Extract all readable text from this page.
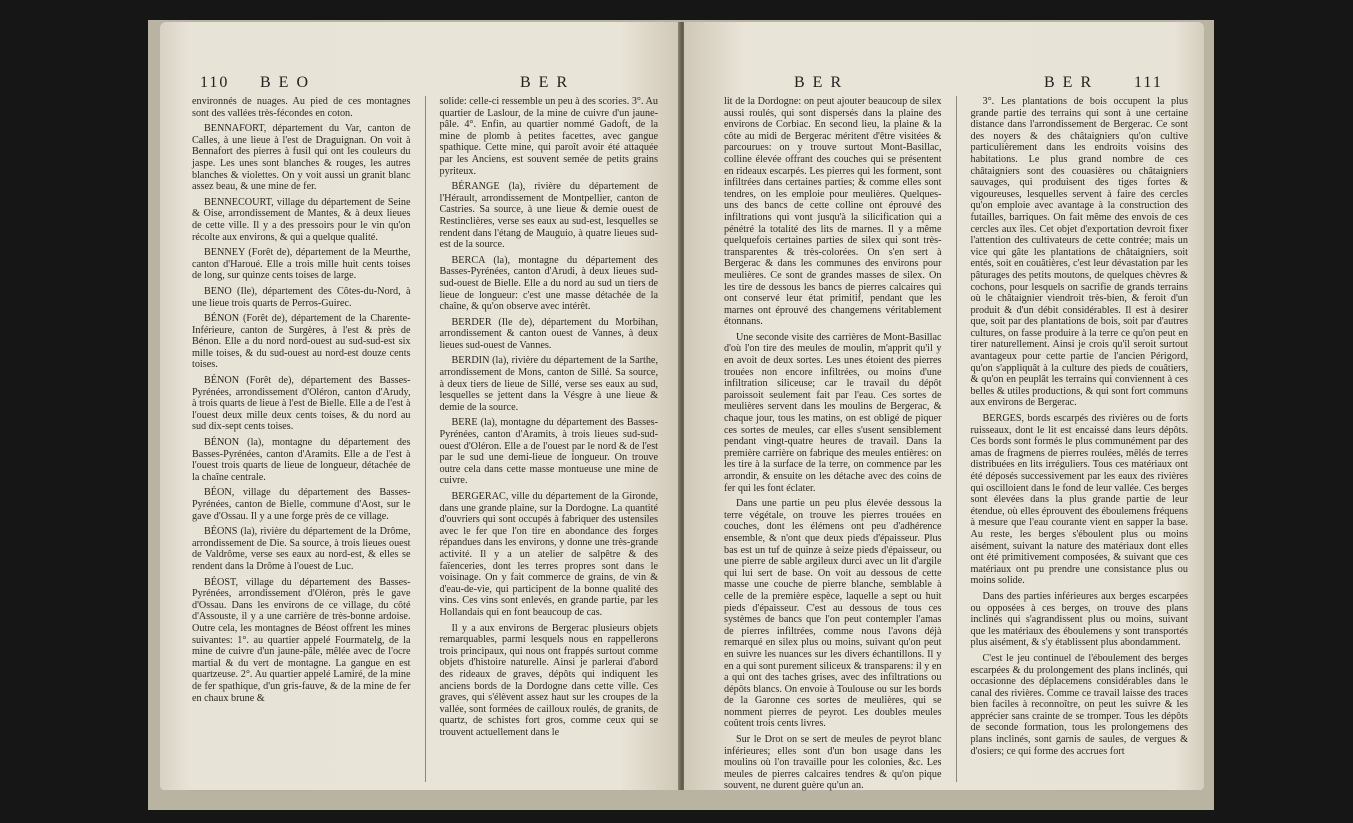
110 B E O	B E R

environnés de nuages. Au pied de ces montagnes sont des vallées très-fécondes en coton.

BENNAFORT, département du Var, canton de Calles, à une lieue à l'est de Draguignan. On voit à Bennafort des pierres à fusil qui ont les couleurs du jaspe. Les unes sont blanches & rouges, les autres blanches & violettes. On y voit aussi un granit blanc assez beau, & une mine de fer.

BENNECOURT, village du département de Seine & Oise, arrondissement de Mantes, & à deux lieues de cette ville. Il y a des pressoirs pour le vin qu'on récolte aux environs, & qui a quelque qualité.

BENNEY (Forêt de), département de la Meurthe, canton d'Haroué. Elle a trois mille huit cents toises de long, sur quinze cents toises de large.

BENO (Ile), département des Côtes-du-Nord, à une lieue trois quarts de Perros-Guirec.

BÉNON (Forêt de), département de la Charente-Inférieure, canton de Surgères, à l'est & près de Bénon. Elle a du nord nord-ouest au sud-sud-est six mille toises, & du sud-ouest au nord-est douze cents toises.

BÉNON (Forêt de), département des Basses-Pyrénées, arrondissement d'Oléron, canton d'Arudy, à trois quarts de lieue à l'est de Bielle. Elle a de l'est à l'ouest deux mille deux cents toises, & du nord au sud dix-sept cents toises.

BÉNON (la), montagne du département des Basses-Pyrénées, canton d'Aramits. Elle a de l'est à l'ouest trois quarts de lieue de longueur, détachée de la chaîne centrale.

BÉON, village du département des Basses-Pyrénées, canton de Bielle, commune d'Aost, sur le gave d'Ossau. Il y a une forge près de ce village.

BÉONS (la), rivière du département de la Drôme, arrondissement de Die. Sa source, à trois lieues ouest de Valdrôme, verse ses eaux au nord-est, & elles se rendent dans la Drôme à l'ouest de Luc.

BÉOST, village du département des Basses-Pyrénées, arrondissement d'Oléron, près le gave d'Ossau. Dans les environs de ce village, du côté d'Assouste, il y a une carrière de très-bonne ardoise. Outre cela, les montagnes de Béost offrent les mines suivantes: 1°. au quartier appelé Fourmatelg, de la mine de cuivre d'un jaune-pâle, mêlée avec de l'ocre martial & du vert de montagne. La gangue en est quartzeuse. 2°. Au quartier appelé Lamiré, de la mine de fer spathique, d'un gris-fauve, & de la mine de fer en chaux brune &

solide: celle-ci ressemble un peu à des scories. 3°. Au quartier de Laslour, de la mine de cuivre d'un jaune-pâle. 4°. Enfin, au quartier nommé Gadoft, de la mine de plomb à petites facettes, avec gangue spathique. Cette mine, qui paroît avoir été attaquée par les Anciens, est souvent semée de petits grains pyriteux.

BÉRANGE (la), rivière du département de l'Hérault, arrondissement de Montpellier, canton de Castries. Sa source, à une lieue & demie ouest de Restinclières, verse ses eaux au sud-est, lesquelles se rendent dans l'étang de Mauguio, à quatre lieues sud-est de la source.

BERCA (la), montagne du département des Basses-Pyrénées, canton d'Arudi, à deux lieues sud-sud-ouest de Bielle. Elle a du nord au sud un tiers de lieue de longueur: c'est une masse détachée de la chaîne, & qu'on observe avec intérêt.

BERDER (Ile de), département du Morbihan, arrondissement & canton ouest de Vannes, à deux lieues sud-ouest de Vannes.

BERDIN (la), rivière du département de la Sarthe, arrondissement de Mons, canton de Sillé. Sa source, à deux tiers de lieue de Sillé, verse ses eaux au sud, lesquelles se jettent dans la Vésgre à une lieue & demie de la source.

BERE (la), montagne du département des Basses-Pyrénées, canton d'Aramits, à trois lieues sud-sud-ouest d'Oléron. Elle a de l'ouest par le nord & de l'est par le sud une demi-lieue de longueur. On trouve outre cela dans cette masse montueuse une mine de cuivre.

BERGERAC, ville du département de la Gironde, dans une grande plaine, sur la Dordogne. La quantité d'ouvriers qui sont occupés à fabriquer des ustensiles avec le fer que l'on tire en abondance des forges répandues dans les environs, y donne une très-grande activité. Il y a un atelier de salpêtre & des faïenceries, dont les terres propres sont dans le voisinage. On y fait commerce de grains, de vin & d'eau-de-vie, qui participent de la bonne qualité des vins. Ces vins sont enlevés, en grande partie, par les Hollandais qui en font beaucoup de cas.

Il y a aux environs de Bergerac plusieurs objets remarquables, parmi lesquels nous en rappellerons trois principaux, qui nous ont frappés surtout comme objets d'histoire naturelle. Ainsi je parlerai d'abord des rideaux de graves, dépôts qui indiquent les anciens bords de la Dordogne dans cette ville. Ces graves, qui s'élèvent assez haut sur les croupes de la vallée, sont formées de cailloux roulés, de granits, de quartz, de schistes fort gros, comme ceux qui se trouvent actuellement dans le

B E R	B E R	111

lit de la Dordogne: on peut ajouter beaucoup de silex aussi roulés, qui sont dispersés dans la plaine des environs de Corbiac. En second lieu, la plaine & la côte au midi de Bergerac méritent d'être visitées & parcourues: on y trouve surtout Mont-Basillac, colline élevée offrant des couches qui se présentent en rideaux escarpés. Les pierres qui les forment, sont infiltrées dans certaines parties; & comme elles sont tendres, on les emploie pour meulières. Quelques-uns des bancs de cette colline ont éprouvé des infiltrations qui vont jusqu'à la silicification qui a pénétré la totalité des lits de marnes. Il y a même quelquefois certaines parties de silex qui sont très-transparentes & très-colorées. On s'en sert à Bergerac & dans les communes des environs pour meulières. Ce sont de grandes masses de silex. On les tire de dessous les bancs de pierres calcaires qui ont conservé leur état primitif, pendant que les marnes ont éprouvé des changemens véritablement étonnans.

Une seconde visite des carrières de Mont-Basillac d'où l'on tire des meules de moulin, m'apprit qu'il y en avoit de deux sortes. Les unes étoient des pierres trouées non encore infiltrées, ou moins d'une infiltration siliceuse; car le travail du dépôt paroissoit seulement fait par l'eau. Ces sortes de meulières servent dans les moulins de Bergerac, & chaque jour, tous les matins, on est obligé de piquer ces sortes de meules, car elles s'usent sensiblement pendant vingt-quatre heures de travail. Dans la première carrière on fabrique des meules entières: on les tire à la surface de la terre, on commence par les arrondir, & ensuite on les détache avec des coins de fer qui les font éclater.

Dans une partie un peu plus élevée dessous la terre végétale, on trouve les pierres trouées en couches, dont les élémens ont peu d'adhérence ensemble, & n'ont que deux pieds d'épaisseur. Plus bas est un tuf de quinze à seize pieds d'épaisseur, ou une pierre de sable argileux durci avec un lit d'argile qui lui sert de base. On voit au dessous de cette masse une couche de pierre blanche, semblable à celle de la première espèce, laquelle a sept ou huit pieds d'épaisseur. C'est au dessous de tous ces systèmes de bancs que l'on peut contempler l'amas de pierres infiltrées, comme nous l'avons déjà remarqué en silex plus ou moins, suivant qu'on peut en suivre les nuances sur les divers échantillons. Il y en a qui sont purement siliceux & transparens: il y en a qui ont des taches grises, avec des infiltrations ou dépôts blancs. On envoie à Toulouse ou sur les bords de la Garonne ces sortes de meulières, qui se nomment pierres de peyrot. Les doubles meules coûtent trois cents livres.

Sur le Drot on se sert de meules de peyrot blanc inférieures; elles sont d'un bon usage dans les moulins où l'on travaille pour les colonies, &c. Les meules de pierres calcaires tendres & qu'on pique souvent, ne durent guère qu'un an.

3°. Les plantations de bois occupent la plus grande partie des terrains qui sont à une certaine distance dans l'arrondissement de Bergerac. Ce sont des noyers & des châtaigniers qu'on cultive particulièrement dans les endroits voisins des habitations. Le plus grand nombre de ces châtaigniers sont des couasières ou châtaigniers sauvages, qui produisent des tiges fortes & vigoureuses, lesquelles servent à faire des cercles qu'on emploie avec avantage à la construction des futailles, barriques. On fait même des envois de ces cercles aux îles. Cet objet d'exportation devroit fixer l'attention des cultivateurs de cette contrée; mais un vice qui gâte les plantations de châtaigniers, soit entés, soit en couâtières, c'est leur dévastation par les pâturages des petits moutons, de quelques chèvres & cochons, pour lesquels on sacrifie de grands terrains où le châtaignier viendroit très-bien, & feroit d'un produit & d'un débit considérables. Il est à desirer que, soit par des plantations de bois, soit par d'autres cultures, on fasse produire à la terre ce qu'on peut en tirer naturellement. Ainsi je crois qu'il seroit surtout avantageux pour cette partie de l'ancien Périgord, qu'on s'appliquât à la culture des pieds de couâtiers, & qu'on en peuplât les terrains qui conviennent à ces belles & utiles productions, & qui sont fort communs aux environs de Bergerac.

BERGES, bords escarpés des rivières ou de forts ruisseaux, dont le lit est encaissé dans leurs dépôts. Ces bords sont formés le plus communément par des amas de fragmens de pierres roulées, mêlés de terres distribuées en lits irréguliers. Tous ces matériaux ont été déposés successivement par les eaux des rivières qui oscilloient dans le fond de leur vallée. Ces berges sont élevées dans la plus grande partie de leur étendue, où elles éprouvent des éboulemens fréquens à mesure que l'eau courante vient en sapper la base. Au reste, les berges s'éboulent plus ou moins aisément, suivant la nature des matériaux dont elles ont été primitivement composées, & suivant que ces matériaux ont pu prendre une consistance plus ou moins solide.

Dans des parties inférieures aux berges escarpées ou opposées à ces berges, on trouve des plans inclinés qui s'agrandissent plus ou moins, suivant que les matériaux des éboulemens y sont transportés plus aisément, & s'y établissent plus abondamment.

C'est le jeu continuel de l'éboulement des berges escarpées & du prolongement des plans inclinés, qui occasionne des déplacemens considérables dans le canal des rivières. Comme ce travail laisse des traces bien faciles à reconnoître, on peut les suivre & les apprécier sans crainte de se tromper. Tous les dépôts de seconde formation, tous les prolongemens des plans inclinés, sont garnis de saules, de vergues & d'osiers; ce qui forme des accrues fort
